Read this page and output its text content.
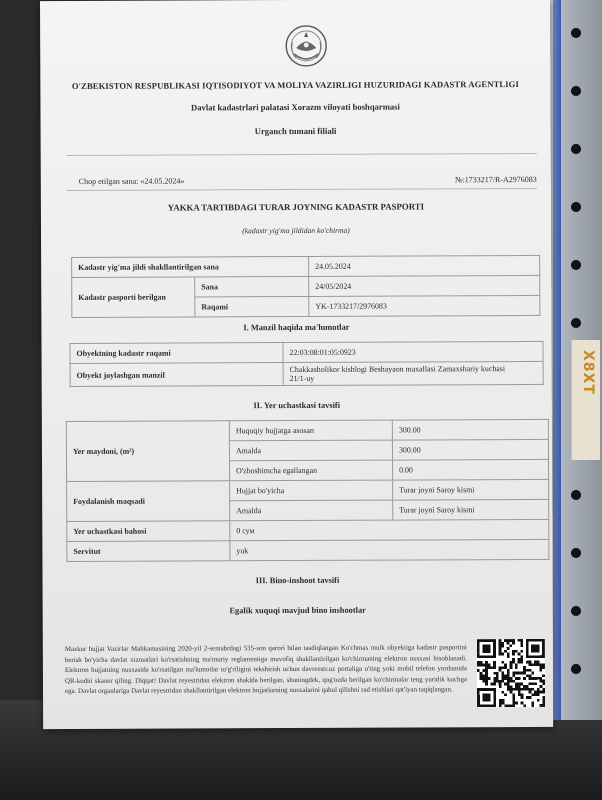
X8XT
O'ZBEKISTON RESPUBLIKASI IQTISODIYOT VA MOLIYA VAZIRLIGI HUZURIDAGI KADASTR AGENTLIGI
Davlat kadastrlari palatasi Xorazm viloyati boshqarmasi
Urganch tumani filiali
Chop etilgan sana: «24.05.2024»	№:1733217/R-A2976083
YAKKA TARTIBDAGI TURAR JOYNING KADASTR PASPORTI
(kadastr yig'ma jildidan ko'chirma)
Kadastr yig'ma jildi shakllantirilgan sana		24.05.2024
Kadastr pasporti berilgan	Sana	24/05/2024
	Raqami	YK-1733217/2976083
I. Manzil haqida ma'lumotlar
Obyektning kadastr raqami	22:03:08:01:05:0923
Obyekt joylashgan manzil	Chakkasholikor kishlogi Beshayaon maxallasi Zamaxshariy kuchasi
21/1-uy
II. Yer uchastkasi tavsifi
Yer maydoni, (m²)	Huquqiy hujjatga asosan	300.00
	Amalda	300.00
	O'zboshimcha egallangan	0.00
Foydalanish maqsadi	Hujjat bo'yicha	Turar joyni Saroy kismi
	Amalda	Turar joyni Saroy kismi
Yer uchastkasi bahosi	0 сум	
Servitut	yuk	
III. Bino-inshoot tavsifi
Egalik xuquqi mavjud bino inshootlar
Mazkur hujjat Vazirlar Mahkamasining 2020-yil 2-sentabrdagi 535-son qarori bilan tasdiqlangan Ko'chmas mulk obyektiga kadastr pasportini berish bo'yicha davlat xizmatlari ko'rsatishning ma'muriy reglamentiga muvofiq shakllantirilgan ko'chirmaning elektron nusxasi hisoblanadi. Elektron hujjatning nusxasida ko'rsatilgan ma'lumotlar to'g'riligini tekshirish uchun davreestr.uz portaliga o'ting yoki mobil telefon yordamida QR-kodni skaner qiling. Diqqat! Davlat reyestridan elektron shaklda berilgan, shuningdek, qog'ozda berilgan ko'chirmalar teng yuridik kuchga ega. Davlat organlariga Davlat reyestridan shakllantirilgan elektron hujjatlarning nusxalarini qabul qilishni rad etishlari qat'iyan taqiqlangan.
